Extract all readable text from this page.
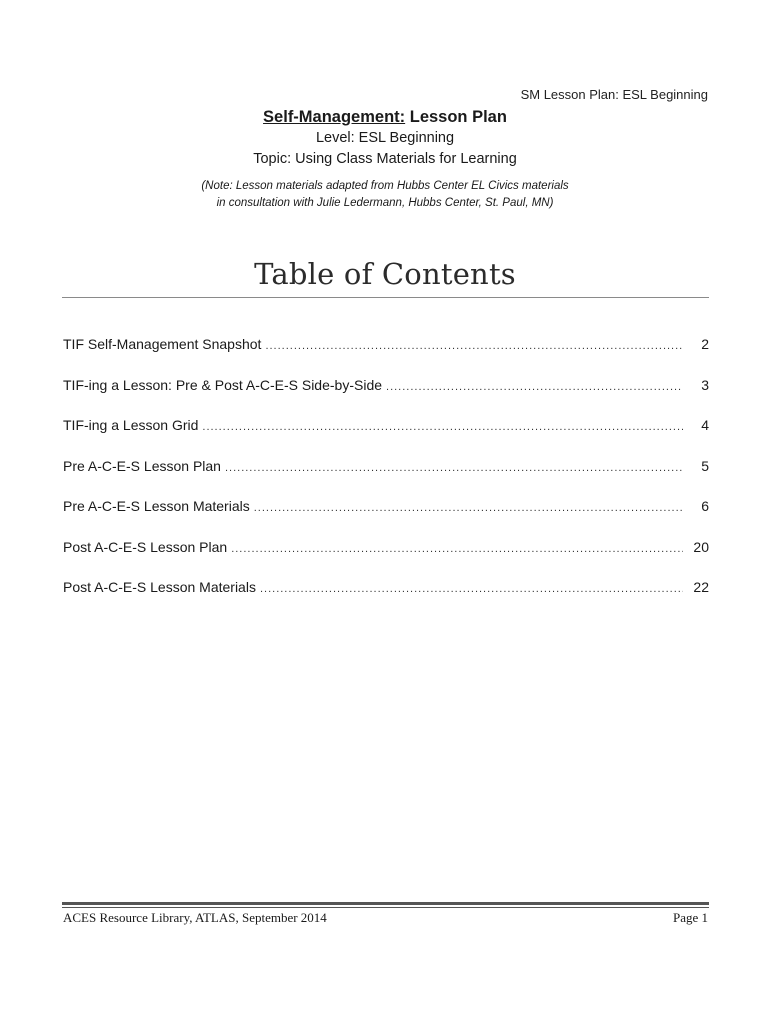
SM Lesson Plan: ESL Beginning
Self-Management: Lesson Plan
Level: ESL Beginning
Topic: Using Class Materials for Learning
(Note: Lesson materials adapted from Hubbs Center EL Civics materials
in consultation with Julie Ledermann, Hubbs Center, St. Paul, MN)
Table of Contents
TIF Self-Management Snapshot .....	2
TIF-ing a Lesson: Pre & Post A-C-E-S Side-by-Side .....	3
TIF-ing a Lesson Grid .....	4
Pre A-C-E-S Lesson Plan .....	5
Pre A-C-E-S Lesson Materials .....	6
Post A-C-E-S Lesson Plan .....	20
Post A-C-E-S Lesson Materials .....	22
ACES Resource Library, ATLAS, September 2014	Page 1
